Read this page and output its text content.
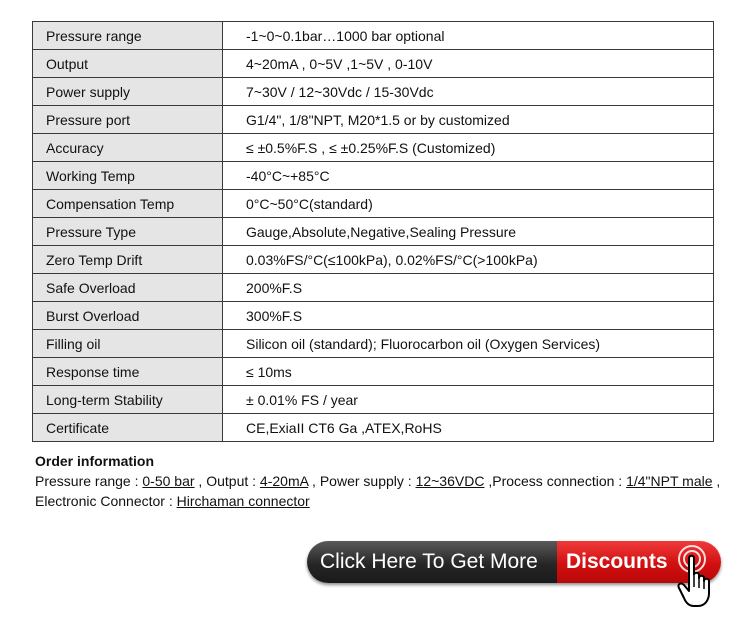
Pressure range	-1~0~0.1bar…1000 bar optional
Output	4~20mA , 0~5V ,1~5V , 0-10V
Power supply	7~30V / 12~30Vdc / 15-30Vdc
Pressure port	G1/4", 1/8"NPT, M20*1.5 or by customized
Accuracy	≤ ±0.5%F.S , ≤ ±0.25%F.S (Customized)
Working Temp	-40°C~+85°C
Compensation Temp	0°C~50°C(standard)
Pressure Type	Gauge,Absolute,Negative,Sealing Pressure
Zero Temp Drift	0.03%FS/°C(≤100kPa), 0.02%FS/°C(>100kPa)
Safe Overload	200%F.S
Burst Overload	300%F.S
Filling oil	Silicon oil (standard); Fluorocarbon oil (Oxygen Services)
Response time	≤ 10ms
Long-term Stability	± 0.01% FS / year
Certificate	CE,ExiaII CT6 Ga ,ATEX,RoHS
Order information
Pressure range : 0-50 bar , Output : 4-20mA , Power supply : 12~36VDC ,Process connection : 1/4"NPT male ,
Electronic Connector : Hirchaman connector
Click Here To Get More	Discounts
